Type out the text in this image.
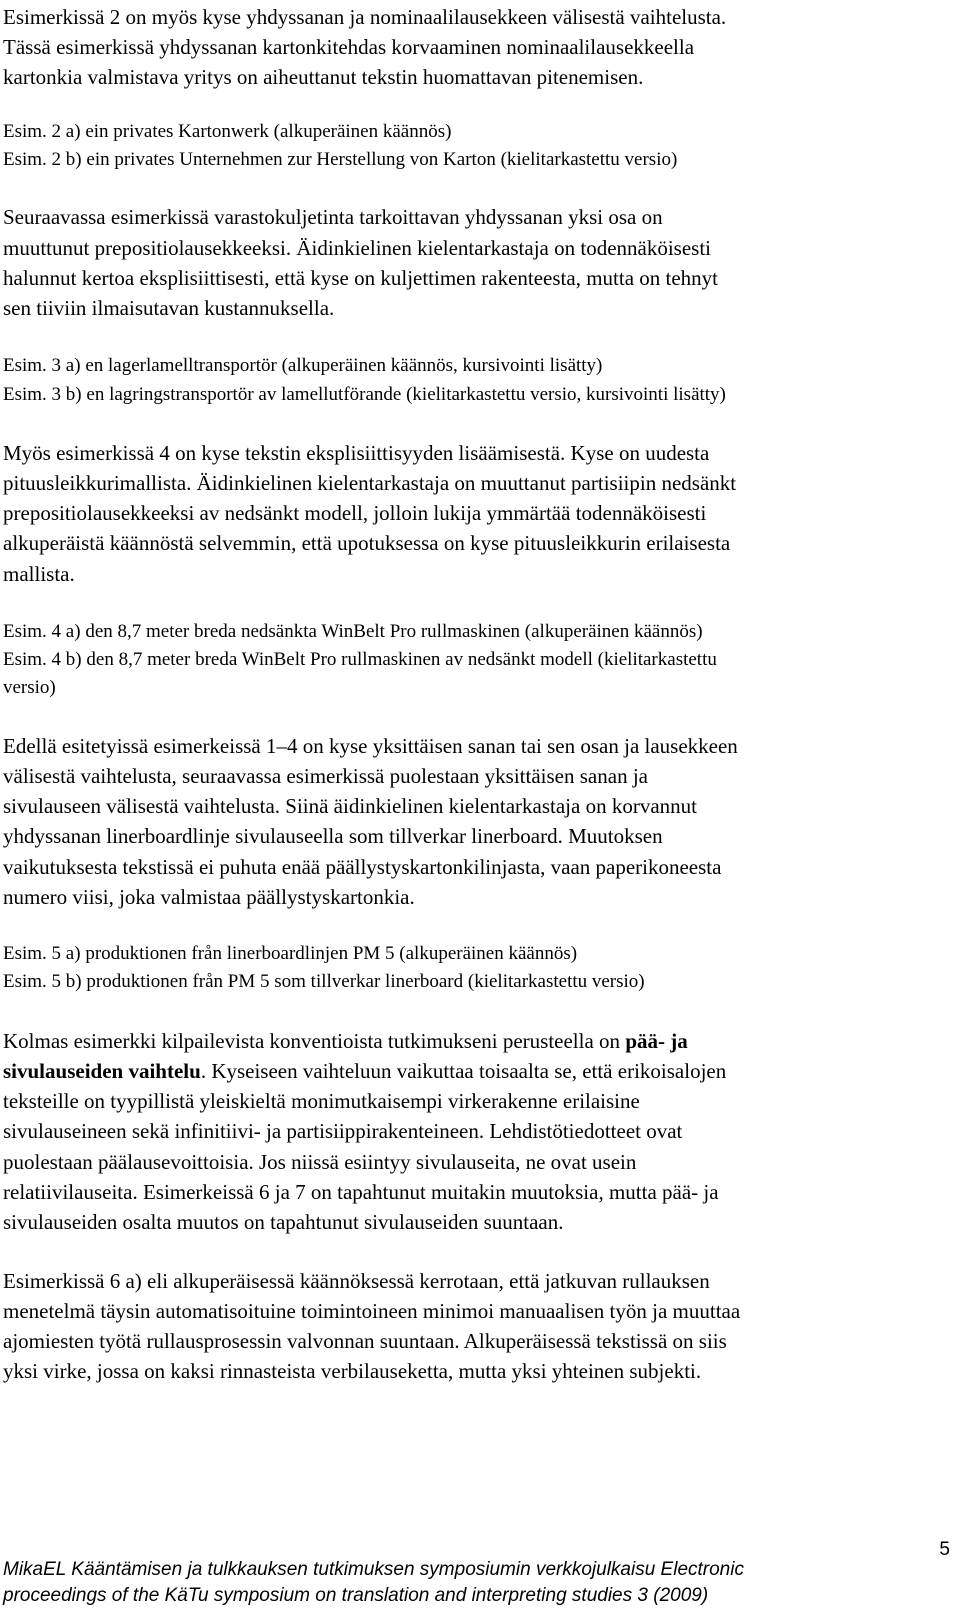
Esimerkissä 2 on myös kyse yhdyssanan ja nominaalilausekkeen välisestä vaihtelusta.
Tässä esimerkissä yhdyssanan kartonkitehdas korvaaminen nominaalilausekkeella
kartonkia valmistava yritys on aiheuttanut tekstin huomattavan pitenemisen.
Esim. 2 a) ein privates Kartonwerk (alkuperäinen käännös)
Esim. 2 b) ein privates Unternehmen zur Herstellung von Karton (kielitarkastettu versio)
Seuraavassa esimerkissä varastokuljetinta tarkoittavan yhdyssanan yksi osa on
muuttunut prepositiolausekkeeksi. Äidinkielinen kielentarkastaja on todennäköisesti
halunnut kertoa eksplisiittisesti, että kyse on kuljettimen rakenteesta, mutta on tehnyt
sen tiiviin ilmaisutavan kustannuksella.
Esim. 3 a) en lagerlamelltransportör (alkuperäinen käännös, kursivointi lisätty)
Esim. 3 b) en lagringstransportör av lamellutförande (kielitarkastettu versio, kursivointi lisätty)
Myös esimerkissä 4 on kyse tekstin eksplisiittisyyden lisäämisestä. Kyse on uudesta
pituusleikkurimallista. Äidinkielinen kielentarkastaja on muuttanut partisiipin nedsänkt
prepositiolausekkeeksi av nedsänkt modell, jolloin lukija ymmärtää todennäköisesti
alkuperäistä käännöstä selvemmin, että upotuksessa on kyse pituusleikkurin erilaisesta
mallista.
Esim. 4 a) den 8,7 meter breda nedsänkta WinBelt Pro rullmaskinen (alkuperäinen käännös)
Esim. 4 b) den 8,7 meter breda WinBelt Pro rullmaskinen av nedsänkt modell (kielitarkastettu
versio)
Edellä esitetyissä esimerkeissä 1–4 on kyse yksittäisen sanan tai sen osan ja lausekkeen
välisestä vaihtelusta, seuraavassa esimerkissä puolestaan yksittäisen sanan ja
sivulauseen välisestä vaihtelusta. Siinä äidinkielinen kielentarkastaja on korvannut
yhdyssanan linerboardlinje sivulauseella som tillverkar linerboard. Muutoksen
vaikutuksesta tekstissä ei puhuta enää päällystyskartonkilinjasta, vaan paperikoneesta
numero viisi, joka valmistaa päällystyskartonkia.
Esim. 5 a) produktionen från linerboardlinjen PM 5 (alkuperäinen käännös)
Esim. 5 b) produktionen från PM 5 som tillverkar linerboard (kielitarkastettu versio)
Kolmas esimerkki kilpailevista konventioista tutkimukseni perusteella on pää- ja
sivulauseiden vaihtelu. Kyseiseen vaihteluun vaikuttaa toisaalta se, että erikoisalojen
teksteille on tyypillistä yleiskieltä monimutkaisempi virkerakenne erilaisine
sivulauseineen sekä infinitiivi- ja partisiippirakenteineen. Lehdistötiedotteet ovat
puolestaan päälausevoittoisia. Jos niissä esiintyy sivulauseita, ne ovat usein
relatiivilauseita. Esimerkeissä 6 ja 7 on tapahtunut muitakin muutoksia, mutta pää- ja
sivulauseiden osalta muutos on tapahtunut sivulauseiden suuntaan.
Esimerkissä 6 a) eli alkuperäisessä käännöksessä kerrotaan, että jatkuvan rullauksen
menetelmä täysin automatisoituine toimintoineen minimoi manuaalisen työn ja muuttaa
ajomiesten työtä rullausprosessin valvonnan suuntaan. Alkuperäisessä tekstissä on siis
yksi virke, jossa on kaksi rinnasteista verbilauseketta, mutta yksi yhteinen subjekti.
5
MikaEL Kääntämisen ja tulkkauksen tutkimuksen symposiumin verkkojulkaisu Electronic
proceedings of the KäTu symposium on translation and interpreting studies 3 (2009)
